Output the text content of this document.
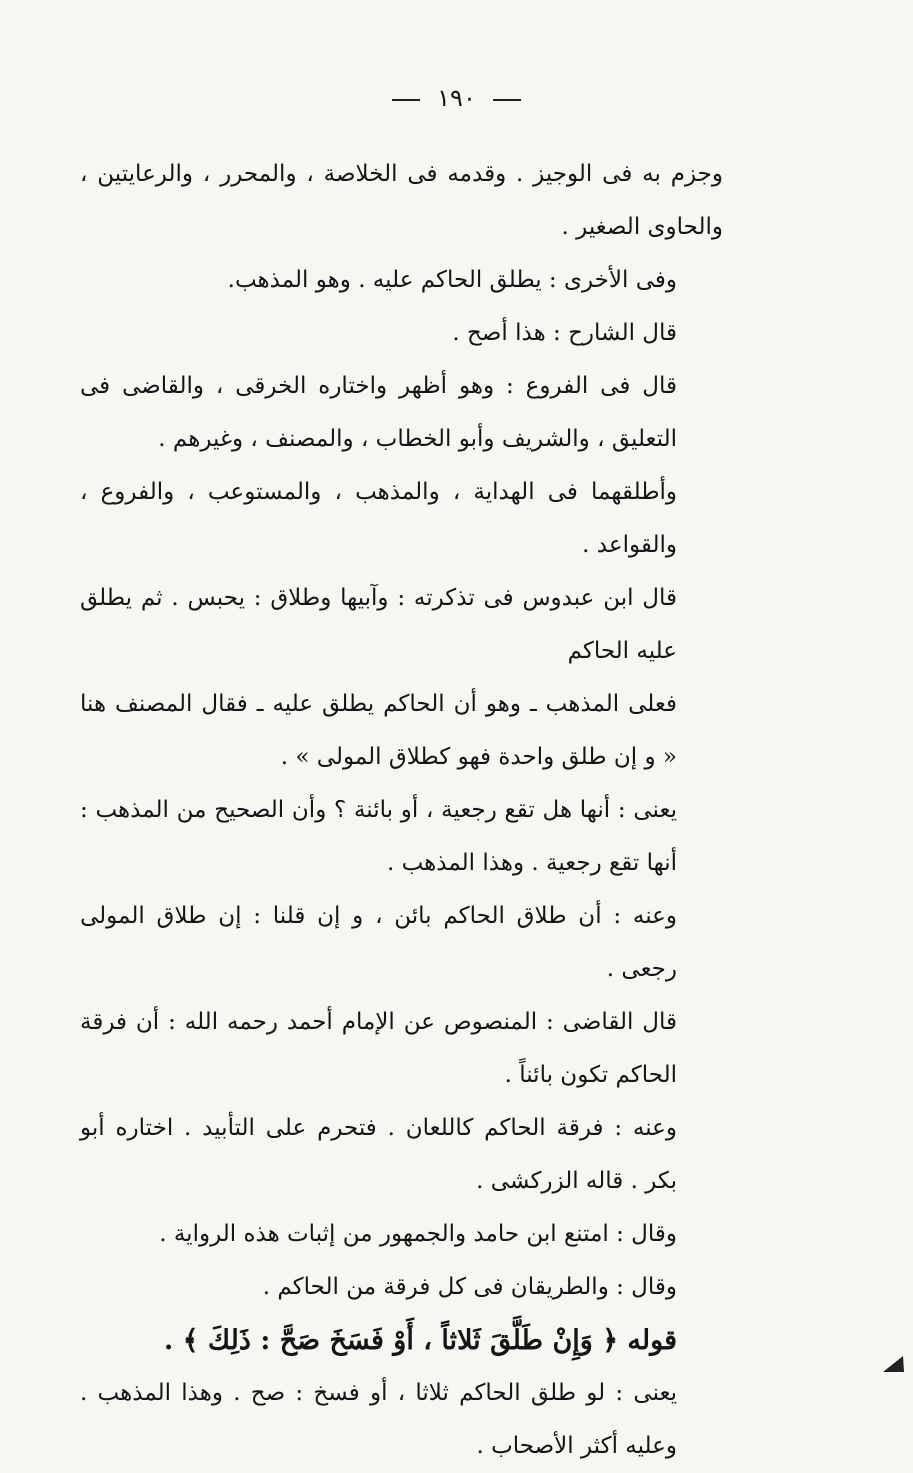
١٩٠

وجزم به فى الوجيز . وقدمه فى الخلاصة ، والمحرر ، والرعايتين ، والحاوى الصغير .

وفى الأخرى : يطلق الحاكم عليه . وهو المذهب.

قال الشارح : هذا أصح .

قال فى الفروع : وهو أظهر واختاره الخرقى ، والقاضى فى التعليق ، والشريف وأبو الخطاب ، والمصنف ، وغيرهم .

وأطلقهما فى الهداية ، والمذهب ، والمستوعب ، والفروع ، والقواعد .

قال ابن عبدوس فى تذكرته : وآبيها وطلاق : يحبس . ثم يطلق عليه الحاكم

فعلى المذهب ـ وهو أن الحاكم يطلق عليه ـ فقال المصنف هنا « و إن طلق واحدة فهو كطلاق المولى » .

يعنى : أنها هل تقع رجعية ، أو بائنة ؟ وأن الصحيح من المذهب : أنها تقع رجعية . وهذا المذهب .

وعنه : أن طلاق الحاكم بائن ، و إن قلنا : إن طلاق المولى رجعى .

قال القاضى : المنصوص عن الإمام أحمد رحمه الله : أن فرقة الحاكم تكون بائناً .

وعنه : فرقة الحاكم كاللعان . فتحرم على التأبيد . اختاره أبو بكر . قاله الزركشى .

وقال : امتنع ابن حامد والجمهور من إثبات هذه الرواية .

وقال : والطريقان فى كل فرقة من الحاكم .

قوله ﴿ وَإِنْ طَلَّقَ ثَلاثاً ، أَوْ فَسَخَ صَحَّ : ذَلِكَ ﴾ .

يعنى : لو طلق الحاكم ثلاثا ، أو فسخ : صح . وهذا المذهب . وعليه أكثر الأصحاب .
